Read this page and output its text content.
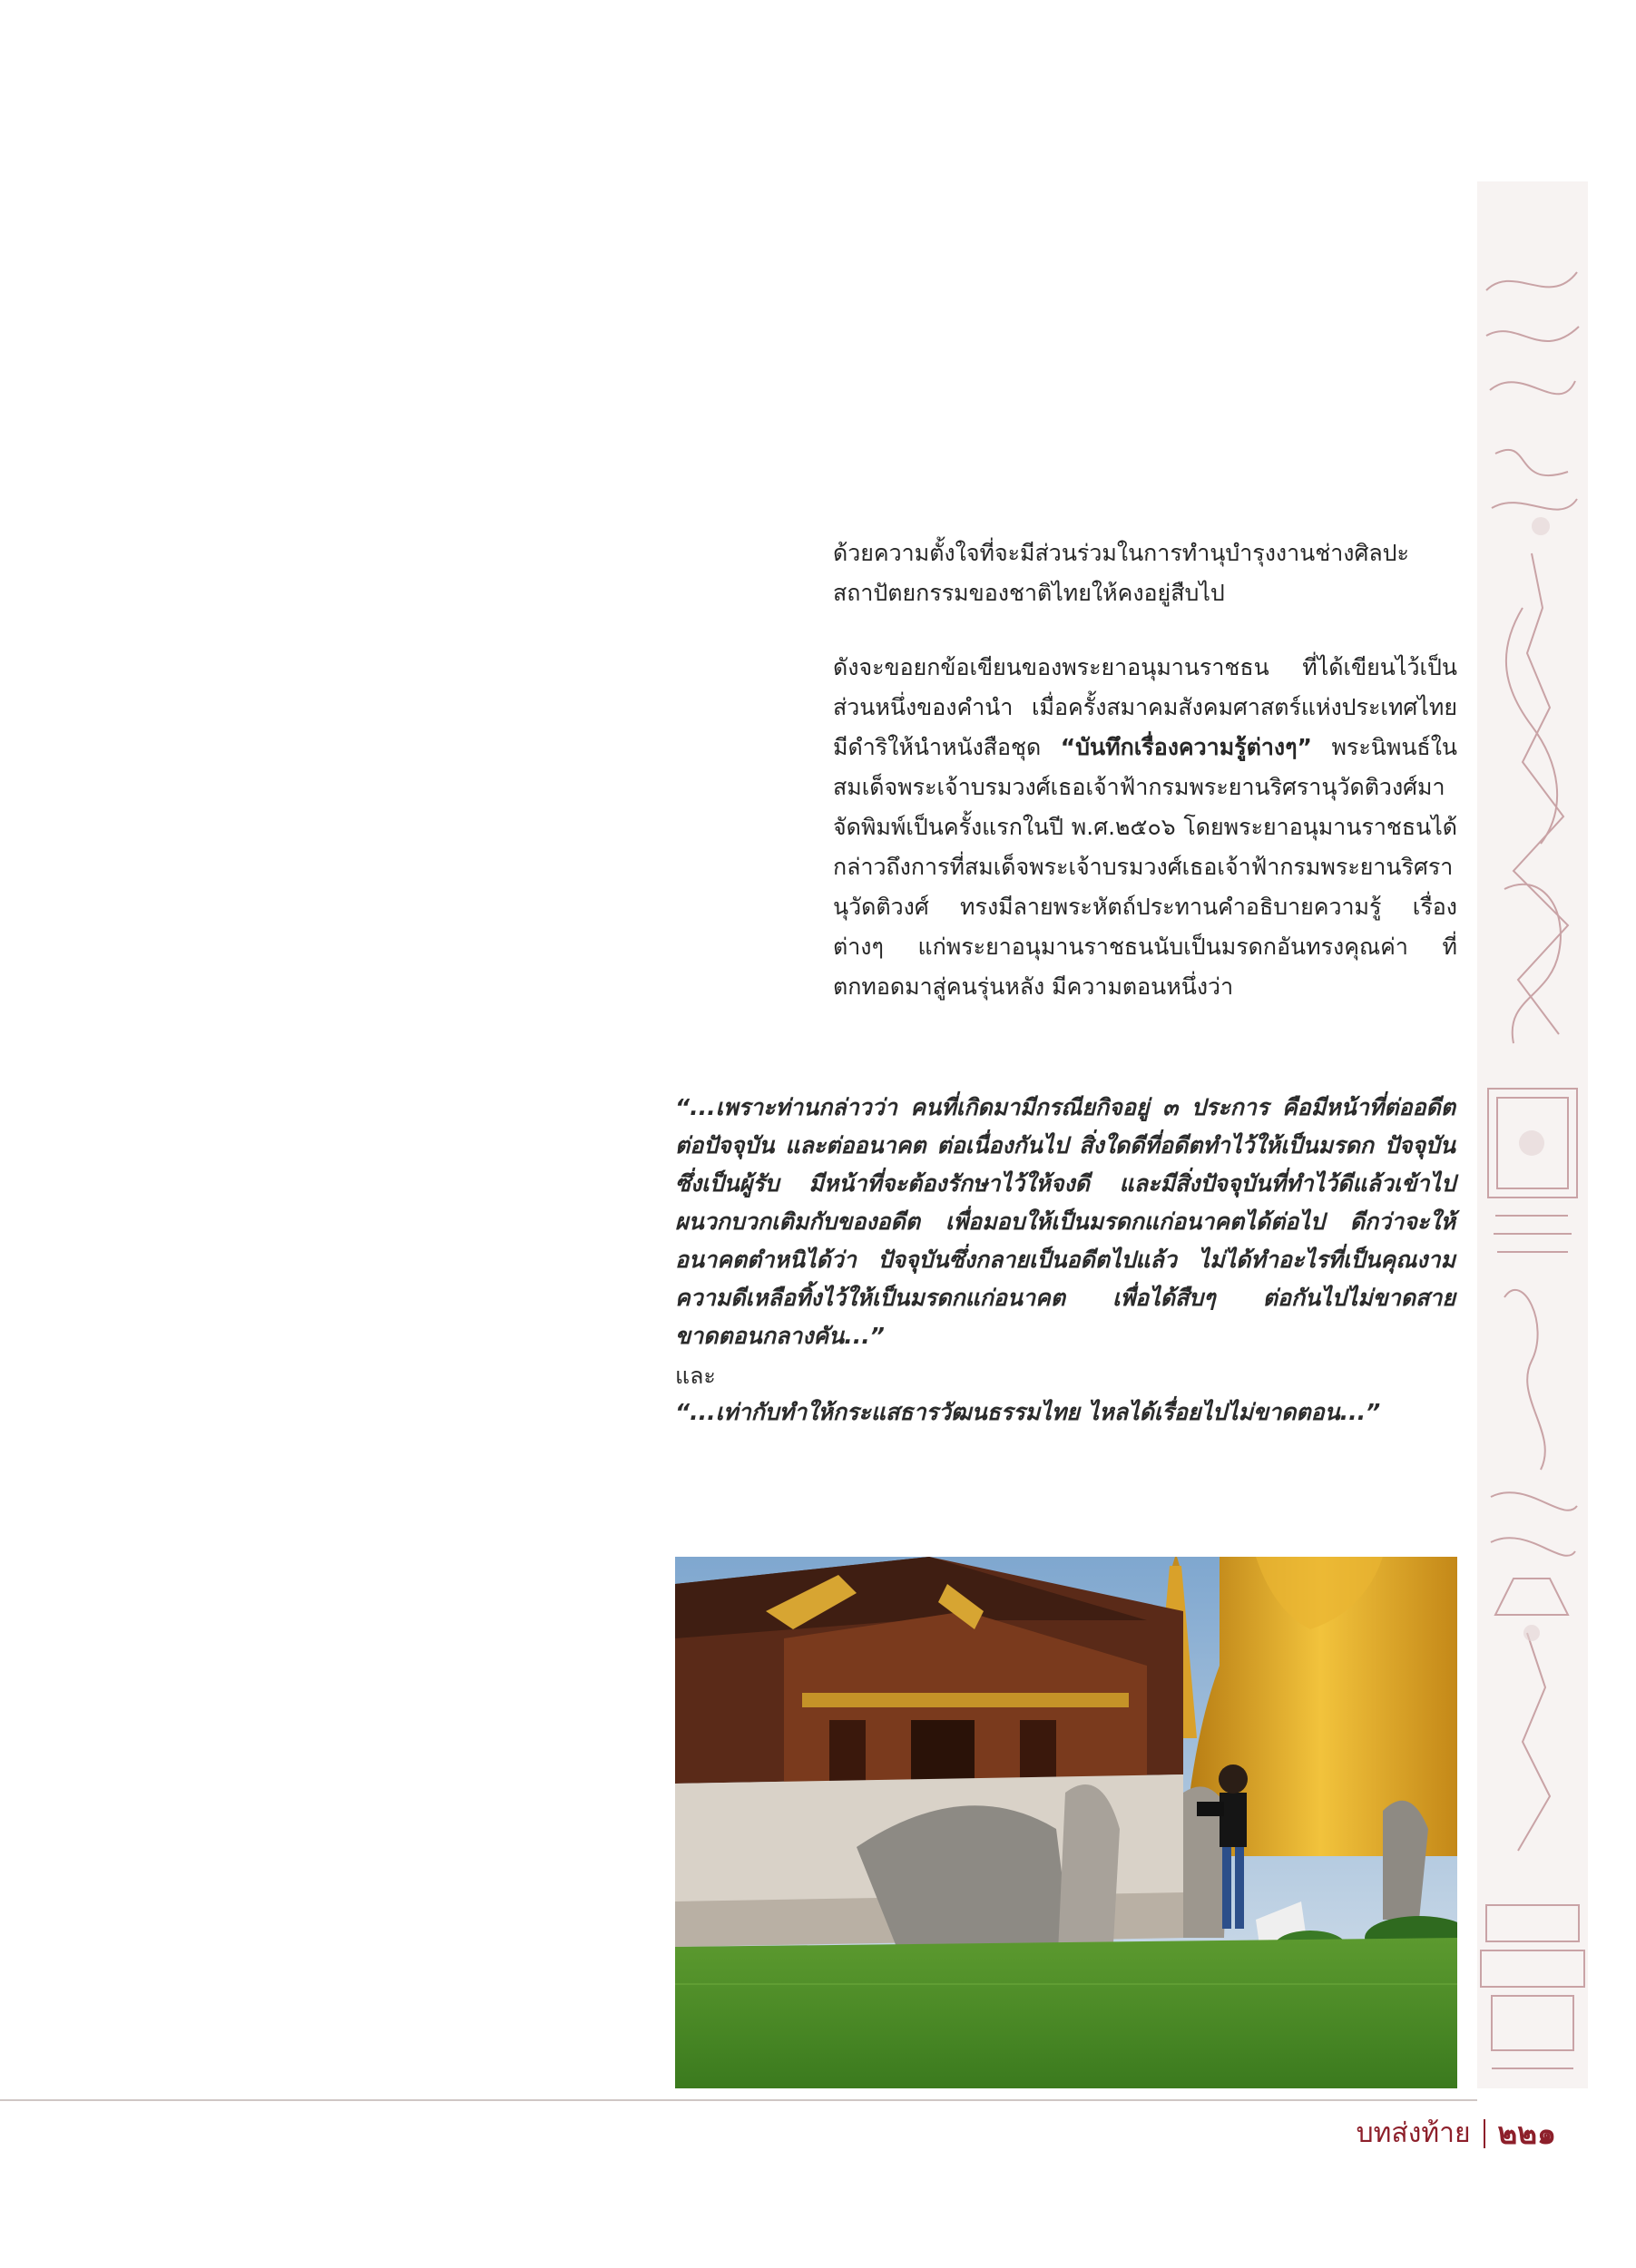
ด้วยความตั้งใจที่จะมีส่วนร่วมในการทำนุบำรุงงานช่างศิลปะสถาปัตยกรรมของชาติไทยให้คงอยู่สืบไป

ดังจะขอยกข้อเขียนของพระยาอนุมานราชธน ที่ได้เขียนไว้เป็นส่วนหนึ่งของคำนำ เมื่อครั้งสมาคมสังคมศาสตร์แห่งประเทศไทยมีดำริให้นำหนังสือชุด “บันทึกเรื่องความรู้ต่างๆ” พระนิพนธ์ในสมเด็จพระเจ้าบรมวงศ์เธอเจ้าฟ้ากรมพระยานริศรานุวัดติวงศ์มาจัดพิมพ์เป็นครั้งแรกในปี พ.ศ.๒๕๐๖ โดยพระยาอนุมานราชธนได้กล่าวถึงการที่สมเด็จพระเจ้าบรมวงศ์เธอเจ้าฟ้ากรมพระยานริศรานุวัดติวงศ์ ทรงมีลายพระหัตถ์ประทานคำอธิบายความรู้ เรื่องต่างๆ แก่พระยาอนุมานราชธนนับเป็นมรดกอันทรงคุณค่า ที่ตกทอดมาสู่คนรุ่นหลัง มีความตอนหนึ่งว่า

“...เพราะท่านกล่าวว่า คนที่เกิดมามีกรณียกิจอยู่ ๓ ประการ คือมีหน้าที่ต่ออดีต ต่อปัจจุบัน และต่ออนาคต ต่อเนื่องกันไป สิ่งใดดีที่อดีตทำไว้ให้เป็นมรดก ปัจจุบันซึ่งเป็นผู้รับ มีหน้าที่จะต้องรักษาไว้ให้จงดี และมีสิ่งปัจจุบันที่ทำไว้ดีแล้วเข้าไป ผนวกบวกเติมกับของอดีต เพื่อมอบให้เป็นมรดกแก่อนาคตได้ต่อไป ดีกว่าจะให้อนาคตตำหนิได้ว่า ปัจจุบันซึ่งกลายเป็นอดีตไปแล้ว ไม่ได้ทำอะไรที่เป็นคุณงามความดีเหลือทิ้งไว้ให้เป็นมรดกแก่อนาคต เพื่อได้สืบๆ ต่อกันไปไม่ขาดสาย ขาดตอนกลางคัน...”

และ

“...เท่ากับทำให้กระแสธารวัฒนธรรมไทย ไหลได้เรื่อยไปไม่ขาดตอน...”

บทส่งท้าย ๒๒๑
